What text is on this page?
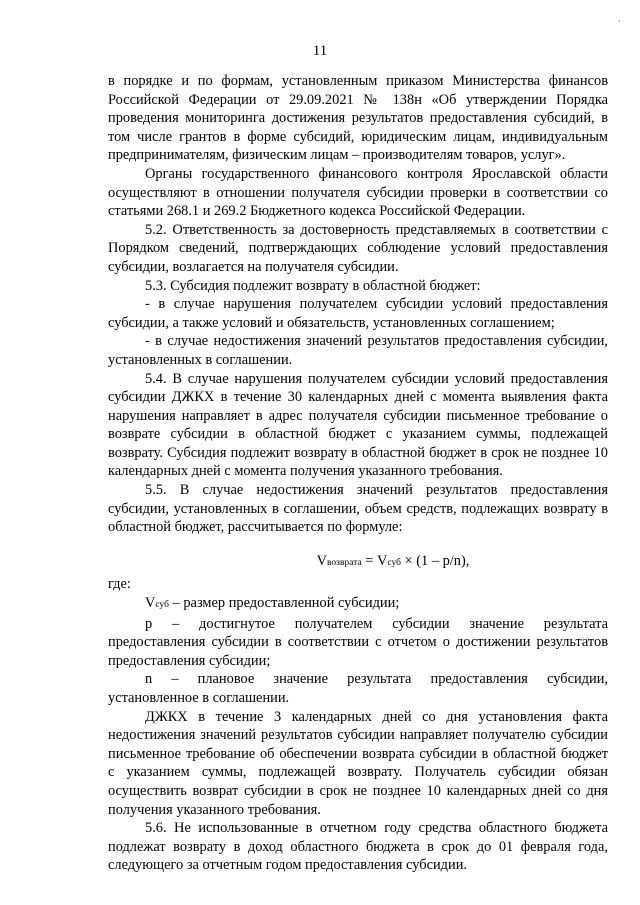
·
11

в порядке и по формам, установленным приказом Министерства финансов Российской Федерации от 29.09.2021 № 138н «Об утверждении Порядка проведения мониторинга достижения результатов предоставления субсидий, в том числе грантов в форме субсидий, юридическим лицам, индивидуальным предпринимателям, физическим лицам – производителям товаров, услуг».

Органы государственного финансового контроля Ярославской области осуществляют в отношении получателя субсидии проверки в соответствии со статьями 268.1 и 269.2 Бюджетного кодекса Российской Федерации.

5.2. Ответственность за достоверность представляемых в соответствии с Порядком сведений, подтверждающих соблюдение условий предоставления субсидии, возлагается на получателя субсидии.

5.3. Субсидия подлежит возврату в областной бюджет:

- в случае нарушения получателем субсидии условий предоставления субсидии, а также условий и обязательств, установленных соглашением;

- в случае недостижения значений результатов предоставления субсидии, установленных в соглашении.

5.4. В случае нарушения получателем субсидии условий предоставления субсидии ДЖКХ в течение 30 календарных дней с момента выявления факта нарушения направляет в адрес получателя субсидии письменное требование о возврате субсидии в областной бюджет с указанием суммы, подлежащей возврату. Субсидия подлежит возврату в областной бюджет в срок не позднее 10 календарных дней с момента получения указанного требования.

5.5. В случае недостижения значений результатов предоставления субсидии, установленных в соглашении, объем средств, подлежащих возврату в областной бюджет, рассчитывается по формуле:

Vвозврата = Vсуб × (1 – p/n),

где:

Vсуб – размер предоставленной субсидии;

p – достигнутое получателем субсидии значение результата предоставления субсидии в соответствии с отчетом о достижении результатов предоставления субсидии;

n – плановое значение результата предоставления субсидии, установленное в соглашении.

ДЖКХ в течение 3 календарных дней со дня установления факта недостижения значений результатов субсидии направляет получателю субсидии письменное требование об обеспечении возврата субсидии в областной бюджет с указанием суммы, подлежащей возврату. Получатель субсидии обязан осуществить возврат субсидии в срок не позднее 10 календарных дней со дня получения указанного требования.

5.6. Не использованные в отчетном году средства областного бюджета подлежат возврату в доход областного бюджета в срок до 01 февраля года, следующего за отчетным годом предоставления субсидии.
